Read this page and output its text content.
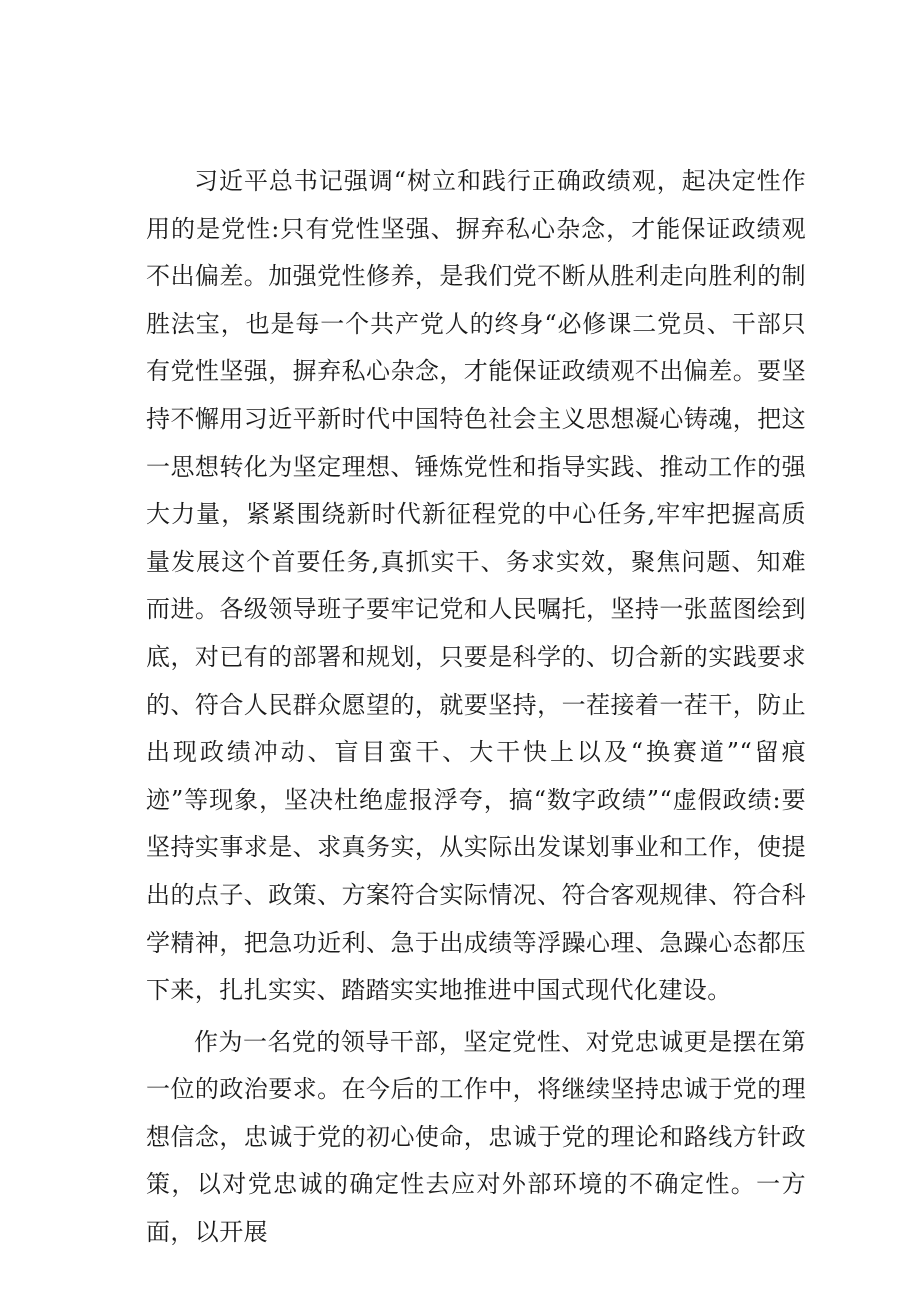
习近平总书记强调“树立和践行正确政绩观，起决定性作用的是党性:只有党性坚强、摒弃私心杂念，才能保证政绩观不出偏差。加强党性修养，是我们党不断从胜利走向胜利的制胜法宝，也是每一个共产党人的终身“必修课二党员、干部只有党性坚强，摒弃私心杂念，才能保证政绩观不出偏差。要坚持不懈用习近平新时代中国特色社会主义思想凝心铸魂，把这一思想转化为坚定理想、锤炼党性和指导实践、推动工作的强大力量，紧紧围绕新时代新征程党的中心任务,牢牢把握高质量发展这个首要任务,真抓实干、务求实效，聚焦问题、知难而进。各级领导班子要牢记党和人民嘱托，坚持一张蓝图绘到底，对已有的部署和规划，只要是科学的、切合新的实践要求的、符合人民群众愿望的，就要坚持，一茬接着一茬干，防止出现政绩冲动、盲目蛮干、大干快上以及“换赛道”“留痕迹”等现象，坚决杜绝虚报浮夸，搞“数字政绩”“虚假政绩:要坚持实事求是、求真务实，从实际出发谋划事业和工作，使提出的点子、政策、方案符合实际情况、符合客观规律、符合科学精神，把急功近利、急于出成绩等浮躁心理、急躁心态都压下来，扎扎实实、踏踏实实地推进中国式现代化建设。

作为一名党的领导干部，坚定党性、对党忠诚更是摆在第一位的政治要求。在今后的工作中，将继续坚持忠诚于党的理想信念，忠诚于党的初心使命，忠诚于党的理论和路线方针政策，以对党忠诚的确定性去应对外部环境的不确定性。一方面，以开展
